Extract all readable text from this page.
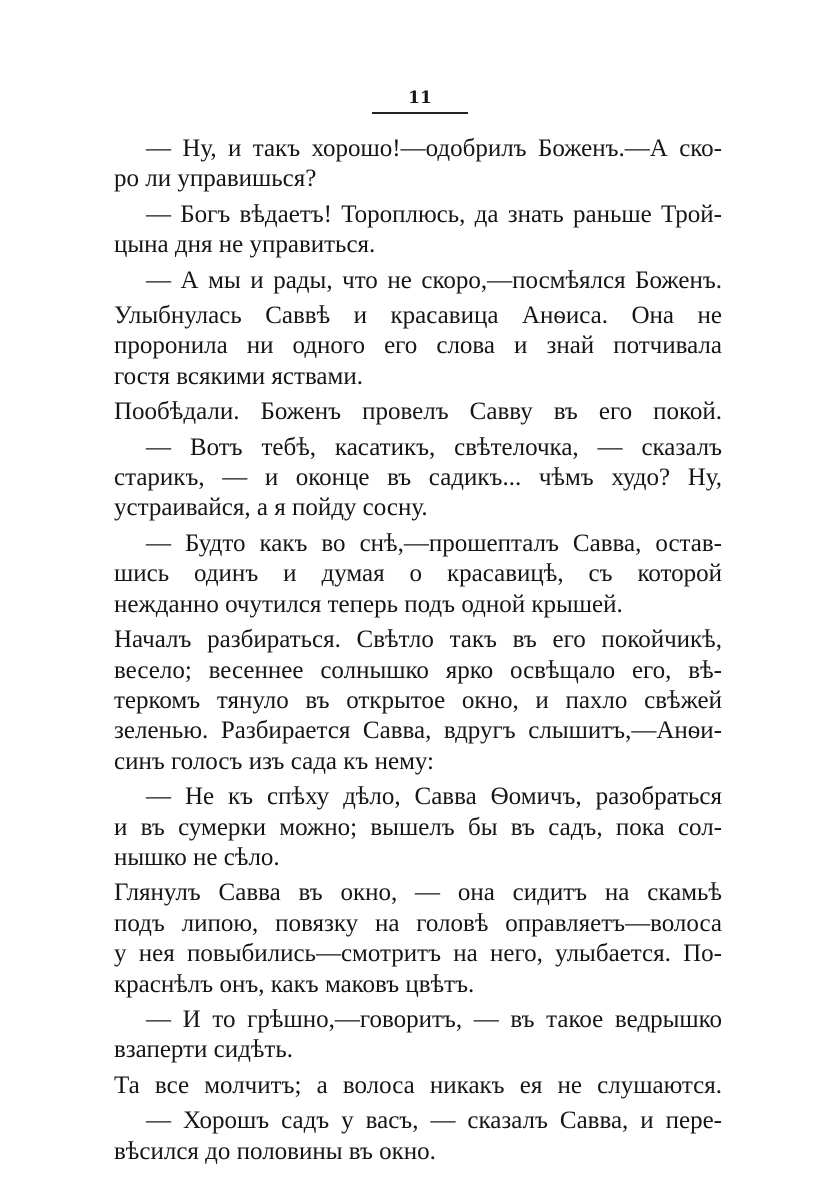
11

— Ну, и такъ хорошо!—одобрилъ Боженъ.—А ско-
ро ли управишься?

— Богъ вѣдаетъ! Тороплюсь, да знать раньше Трой-
цына дня не управиться.

— А мы и рады, что не скоро,—посмѣялся Боженъ.

Улыбнулась Саввѣ и красавица Анѳиса. Она не
проронила ни одного его слова и знай потчивала
гостя всякими яствами.

Пообѣдали. Боженъ провелъ Савву въ его покой.

— Вотъ тебѣ, касатикъ, свѣтелочка, — сказалъ
старикъ, — и оконце въ садикъ... чѣмъ худо? Ну,
устраивайся, а я пойду сосну.

— Будто какъ во снѣ,—прошепталъ Савва, остав-
шись одинъ и думая о красавицѣ, съ которой
нежданно очутился теперь подъ одной крышей.

Началъ разбираться. Свѣтло такъ въ его покойчикѣ,
весело; весеннее солнышко ярко освѣщало его, вѣ-
теркомъ тянуло въ открытое окно, и пахло свѣжей
зеленью. Разбирается Савва, вдругъ слышитъ,—Анѳи-
синъ голосъ изъ сада къ нему:

— Не къ спѣху дѣло, Савва Ѳомичъ, разобраться
и въ сумерки можно; вышелъ бы въ садъ, пока сол-
нышко не сѣло.

Глянулъ Савва въ окно, — она сидитъ на скамьѣ
подъ липою, повязку на головѣ оправляетъ—волоса
у нея повыбились—смотритъ на него, улыбается. По-
краснѣлъ онъ, какъ маковъ цвѣтъ.

— И то грѣшно,—говоритъ, — въ такое ведрышко
взаперти сидѣть.

Та все молчитъ; а волоса никакъ ея не слушаются.

— Хорошъ садъ у васъ, — сказалъ Савва, и пере-
вѣсился до половины въ окно.
